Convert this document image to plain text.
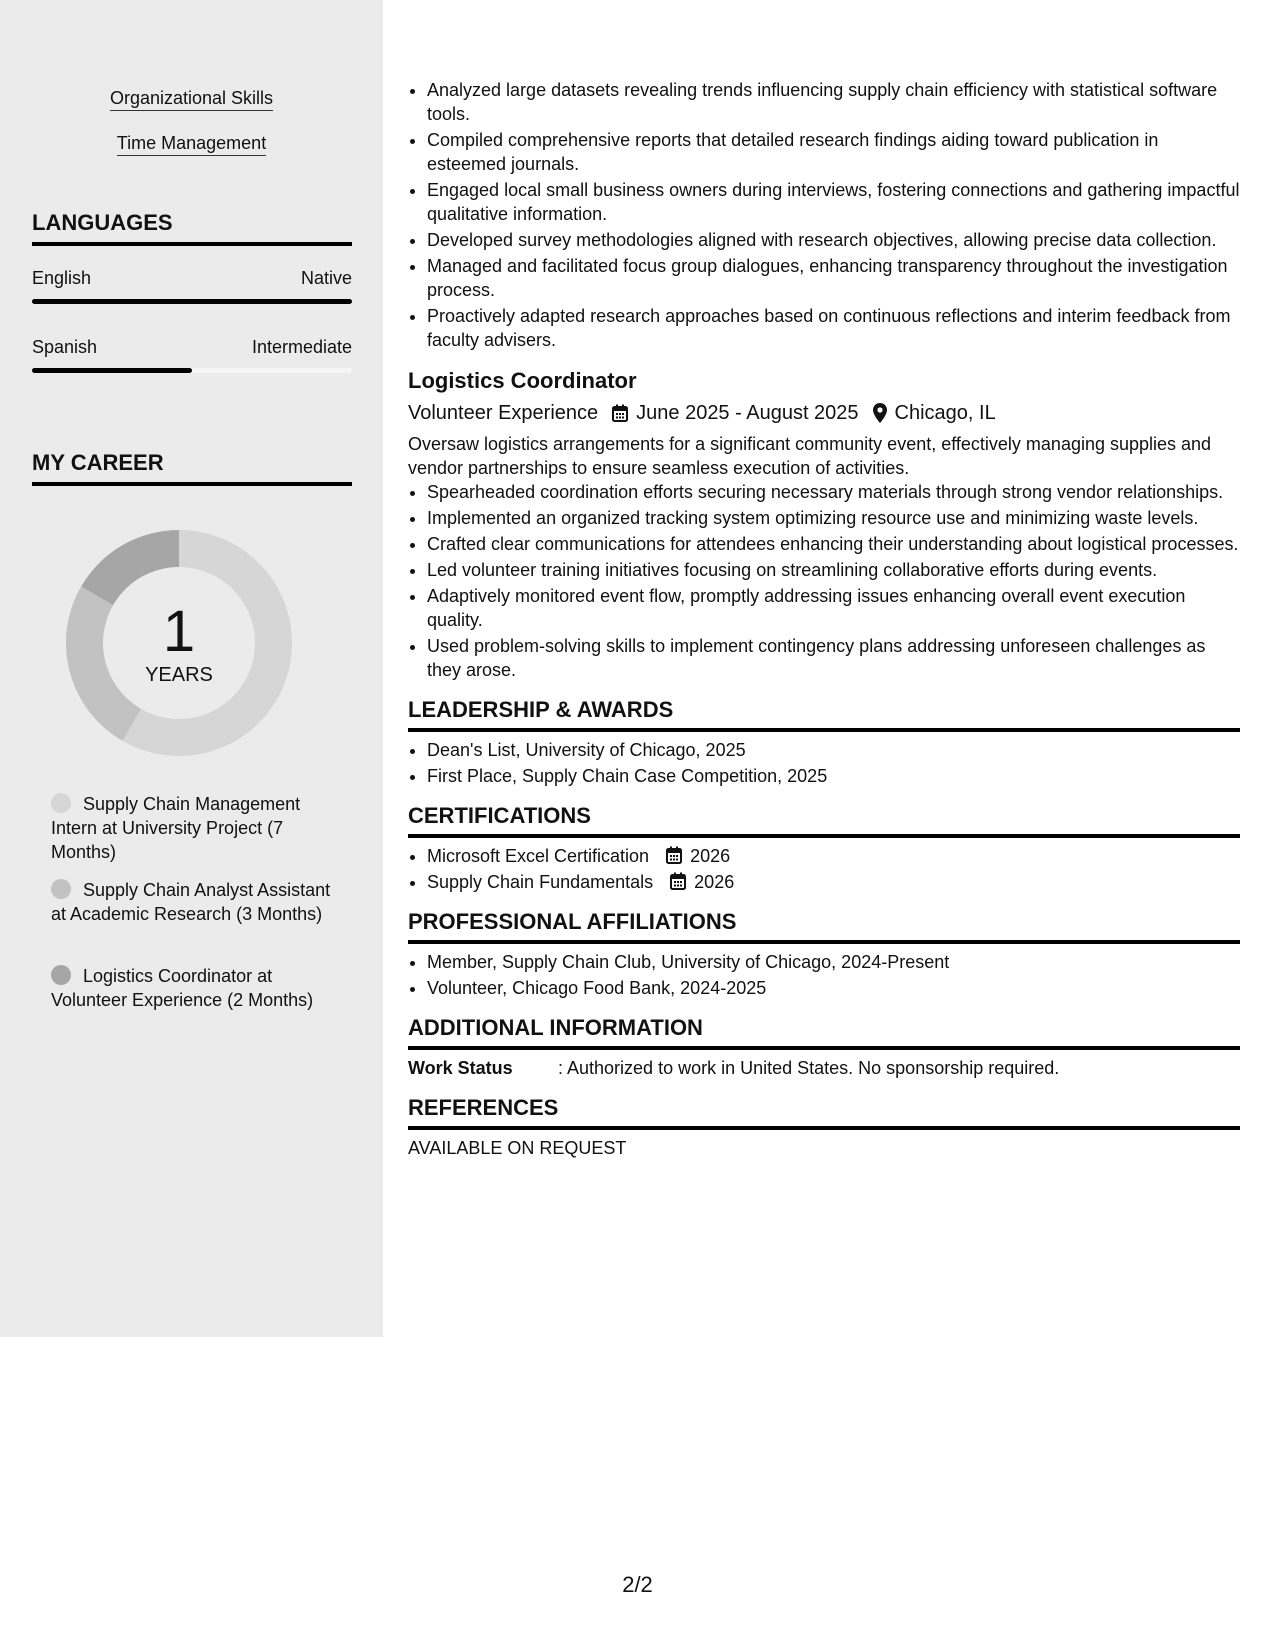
Organizational Skills
Time Management
LANGUAGES
English	Native
Spanish	Intermediate
MY CAREER
1
YEARS
Supply Chain Management Intern at University Project (7 Months)
Supply Chain Analyst Assistant at Academic Research (3 Months)
Logistics Coordinator at Volunteer Experience (2 Months)
• Analyzed large datasets revealing trends influencing supply chain efficiency with statistical software tools.
• Compiled comprehensive reports that detailed research findings aiding toward publication in esteemed journals.
• Engaged local small business owners during interviews, fostering connections and gathering impactful qualitative information.
• Developed survey methodologies aligned with research objectives, allowing precise data collection.
• Managed and facilitated focus group dialogues, enhancing transparency throughout the investigation process.
• Proactively adapted research approaches based on continuous reflections and interim feedback from faculty advisers.
Logistics Coordinator
Volunteer Experience June 2025 - August 2025 Chicago, IL
Oversaw logistics arrangements for a significant community event, effectively managing supplies and vendor partnerships to ensure seamless execution of activities.
• Spearheaded coordination efforts securing necessary materials through strong vendor relationships.
• Implemented an organized tracking system optimizing resource use and minimizing waste levels.
• Crafted clear communications for attendees enhancing their understanding about logistical processes.
• Led volunteer training initiatives focusing on streamlining collaborative efforts during events.
• Adaptively monitored event flow, promptly addressing issues enhancing overall event execution quality.
• Used problem-solving skills to implement contingency plans addressing unforeseen challenges as they arose.
LEADERSHIP & AWARDS
• Dean's List, University of Chicago, 2025
• First Place, Supply Chain Case Competition, 2025
CERTIFICATIONS
• Microsoft Excel Certification 2026
• Supply Chain Fundamentals 2026
PROFESSIONAL AFFILIATIONS
• Member, Supply Chain Club, University of Chicago, 2024-Present
• Volunteer, Chicago Food Bank, 2024-2025
ADDITIONAL INFORMATION
Work Status	: Authorized to work in United States. No sponsorship required.
REFERENCES
AVAILABLE ON REQUEST
2/2
